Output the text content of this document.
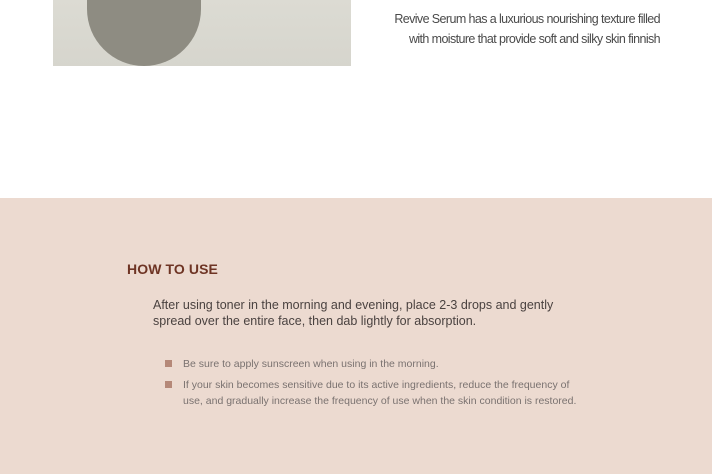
Revive Serum has a luxurious nourishing texture filled

with moisture that provide soft and silky skin finnish

HOW TO USE

After using toner in the morning and evening, place 2-3 drops and gently
spread over the entire face, then dab lightly for absorption.

Be sure to apply sunscreen when using in the morning.
If your skin becomes sensitive due to its active ingredients, reduce the frequency of
use, and gradually increase the frequency of use when the skin condition is restored.
